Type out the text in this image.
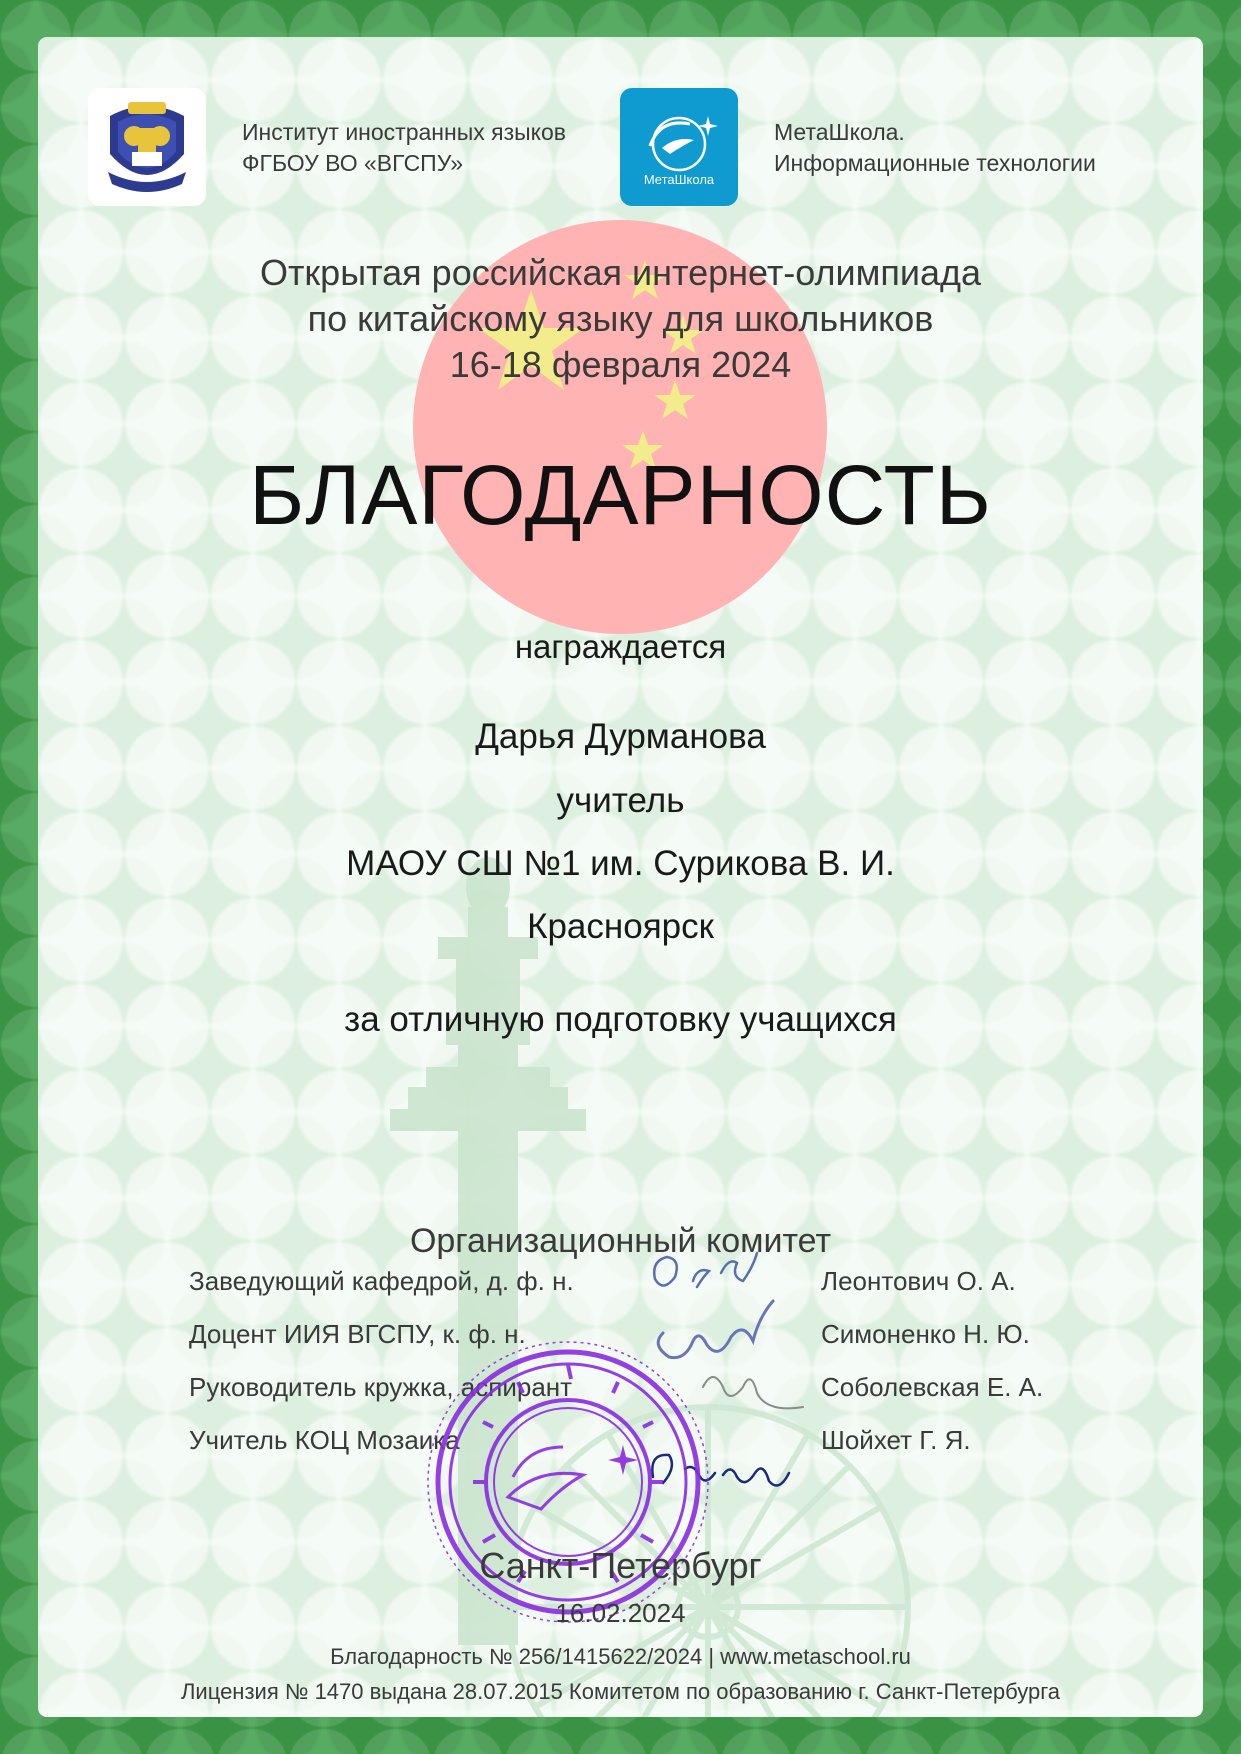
Институт иностранных языков
ФГБОУ ВО «ВГСПУ»
МетаШкола
МетаШкола.
Информационные технологии
Открытая российская интернет-олимпиада
по китайскому языку для школьников
16-18 февраля 2024
БЛАГОДАРНОСТЬ
награждается
Дарья Дурманова
учитель
МАОУ СШ №1 им. Сурикова В. И.
Красноярск
за отличную подготовку учащихся
Организационный комитет
Заведующий кафедрой, д. ф. н.	Леонтович О. А.
Доцент ИИЯ ВГСПУ, к. ф. н.	Симоненко Н. Ю.
Руководитель кружка, аспирант	Соболевская Е. А.
Учитель КОЦ Мозаика	Шойхет Г. Я.
Санкт-Петербург
16.02.2024
Благодарность № 256/1415622/2024 | www.metaschool.ru
Лицензия № 1470 выдана 28.07.2015 Комитетом по образованию г. Санкт-Петербурга
